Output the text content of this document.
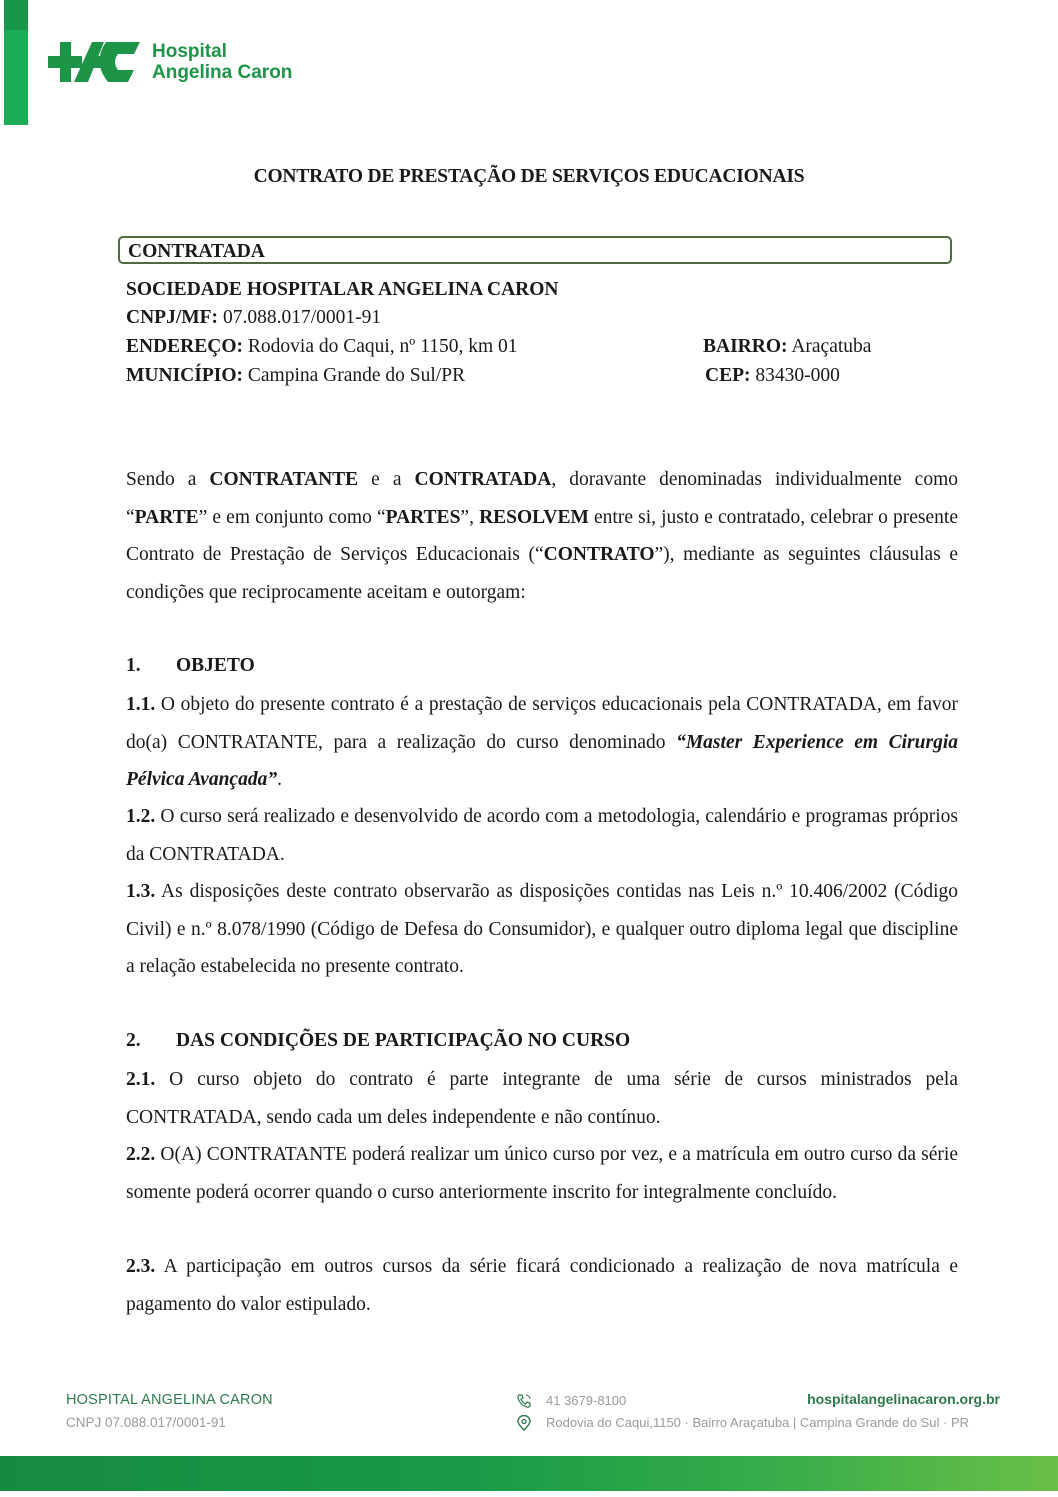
Hospital
Angelina Caron
CONTRATO DE PRESTAÇÃO DE SERVIÇOS EDUCACIONAIS
CONTRATADA
SOCIEDADE HOSPITALAR ANGELINA CARON
CNPJ/MF: 07.088.017/0001-91
ENDEREÇO: Rodovia do Caqui, nº 1150, km 01
MUNICÍPIO: Campina Grande do Sul/PR
BAIRRO: Araçatuba
CEP: 83430-000
Sendo a CONTRATANTE e a CONTRATADA, doravante denominadas individualmente como “PARTE” e em conjunto como “PARTES”, RESOLVEM entre si, justo e contratado, celebrar o presente Contrato de Prestação de Serviços Educacionais (“CONTRATO”), mediante as seguintes cláusulas e condições que reciprocamente aceitam e outorgam:
1. OBJETO
1.1. O objeto do presente contrato é a prestação de serviços educacionais pela CONTRATADA, em favor do(a) CONTRATANTE, para a realização do curso denominado “Master Experience em Cirurgia Pélvica Avançada”.
1.2. O curso será realizado e desenvolvido de acordo com a metodologia, calendário e programas próprios da CONTRATADA.
1.3. As disposições deste contrato observarão as disposições contidas nas Leis n.º 10.406/2002 (Código Civil) e n.º 8.078/1990 (Código de Defesa do Consumidor), e qualquer outro diploma legal que discipline a relação estabelecida no presente contrato.
2. DAS CONDIÇÕES DE PARTICIPAÇÃO NO CURSO
2.1. O curso objeto do contrato é parte integrante de uma série de cursos ministrados pela CONTRATADA, sendo cada um deles independente e não contínuo.
2.2. O(A) CONTRATANTE poderá realizar um único curso por vez, e a matrícula em outro curso da série somente poderá ocorrer quando o curso anteriormente inscrito for integralmente concluído.
2.3. A participação em outros cursos da série ficará condicionado a realização de nova matrícula e pagamento do valor estipulado.
HOSPITAL ANGELINA CARON
CNPJ 07.088.017/0001-91
41 3679-8100
Rodovia do Caqui,1150 · Bairro Araçatuba | Campina Grande do Sul · PR
hospitalangelinacaron.org.br
